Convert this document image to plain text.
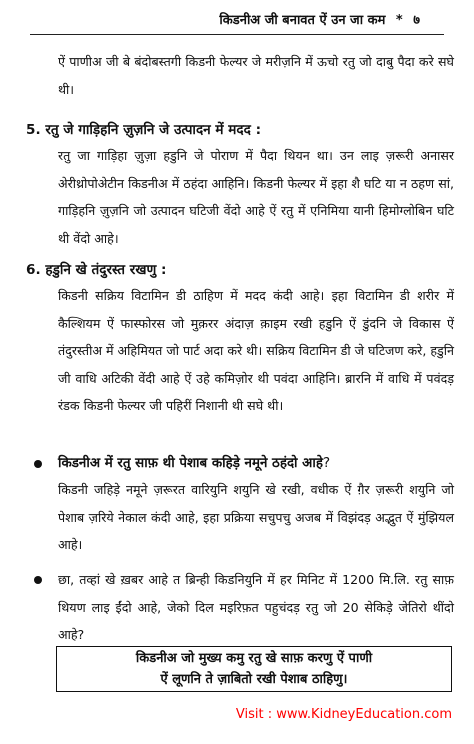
किडनीअ जी बनावत ऐं उन जा कम * ७

ऐं पाणीअ जी बे बंदोबस्तगी किडनी फेल्यर जे मरीज़नि में ऊचो रतु जो दाबु पैदा करे सघे थी।

5. रतु जे गाड़िहनि ज़ुज़नि जे उत्पादन में मदद :

रतु जा गाड़िहा ज़ुज़ा हडुनि जे पोराण में पैदा थियन था। उन लाइ ज़रूरी अनासर अेरीथ्रोपोअेटीन किडनीअ में ठहंदा आहिनि। किडनी फेल्यर में इहा शै घटि या न ठहण सां, गाड़िहनि ज़ुज़नि जो उत्पादन घटिजी वेंदो आहे ऐं रतु में एनिमिया यानी हिमोग्लोबिन घटि थी वेंदो आहे।

6. हडुनि खे तंदुरस्त रखणु :

किडनी सक्रिय विटामिन डी ठाहिण में मदद कंदी आहे। इहा विटामिन डी शरीर में कैल्शियम ऐं फास्फोरस जो मुक़रर अंदाज़ क़ाइम रखी हडुनि ऐं डुंदनि जे विकास ऐं तंदुरस्तीअ में अहिमियत जो पार्ट अदा करे थी। सक्रिय विटामिन डी जे घटिजण करे, हडुनि जी वाधि अटिकी वेंदी आहे ऐं उहे कमिज़ोर थी पवंदा आहिनि। ब्रारनि में वाधि में पवंदड़ रंडक किडनी फेल्यर जी पहिरीं निशानी थी सघे थी।

किडनीअ में रतु साफ़ थी पेशाब कहिड़े नमूने ठहंदो आहे?

किडनी जहिड़े नमूने ज़रूरत वारियुनि शयुनि खे रखी, वधीक ऐं ग़ैर ज़रूरी शयुनि जो पेशाब ज़रिये नेकाल कंदी आहे, इहा प्रक्रिया सचुपचु अजब में विझंदड़ अद्भुत ऐं मुंझियल आहे।

छा, तव्हां खे ख़बर आहे त ब्रिन्ही किडनियुनि में हर मिनिट में 1200 मि.लि. रतु साफ़ थियण लाइ ईंदो आहे, जेको दिल मइरिफ़त पहुचंदड़ रतु जो 20 सेकिड़े जेतिरो थींदो आहे?

किडनीअ जो मुख्य कमु रतु खे साफ़ करणु ऐं पाणी
ऐं लूणनि ते ज़ाबितो रखी पेशाब ठाहिणु।
Visit : www.KidneyEducation.com
